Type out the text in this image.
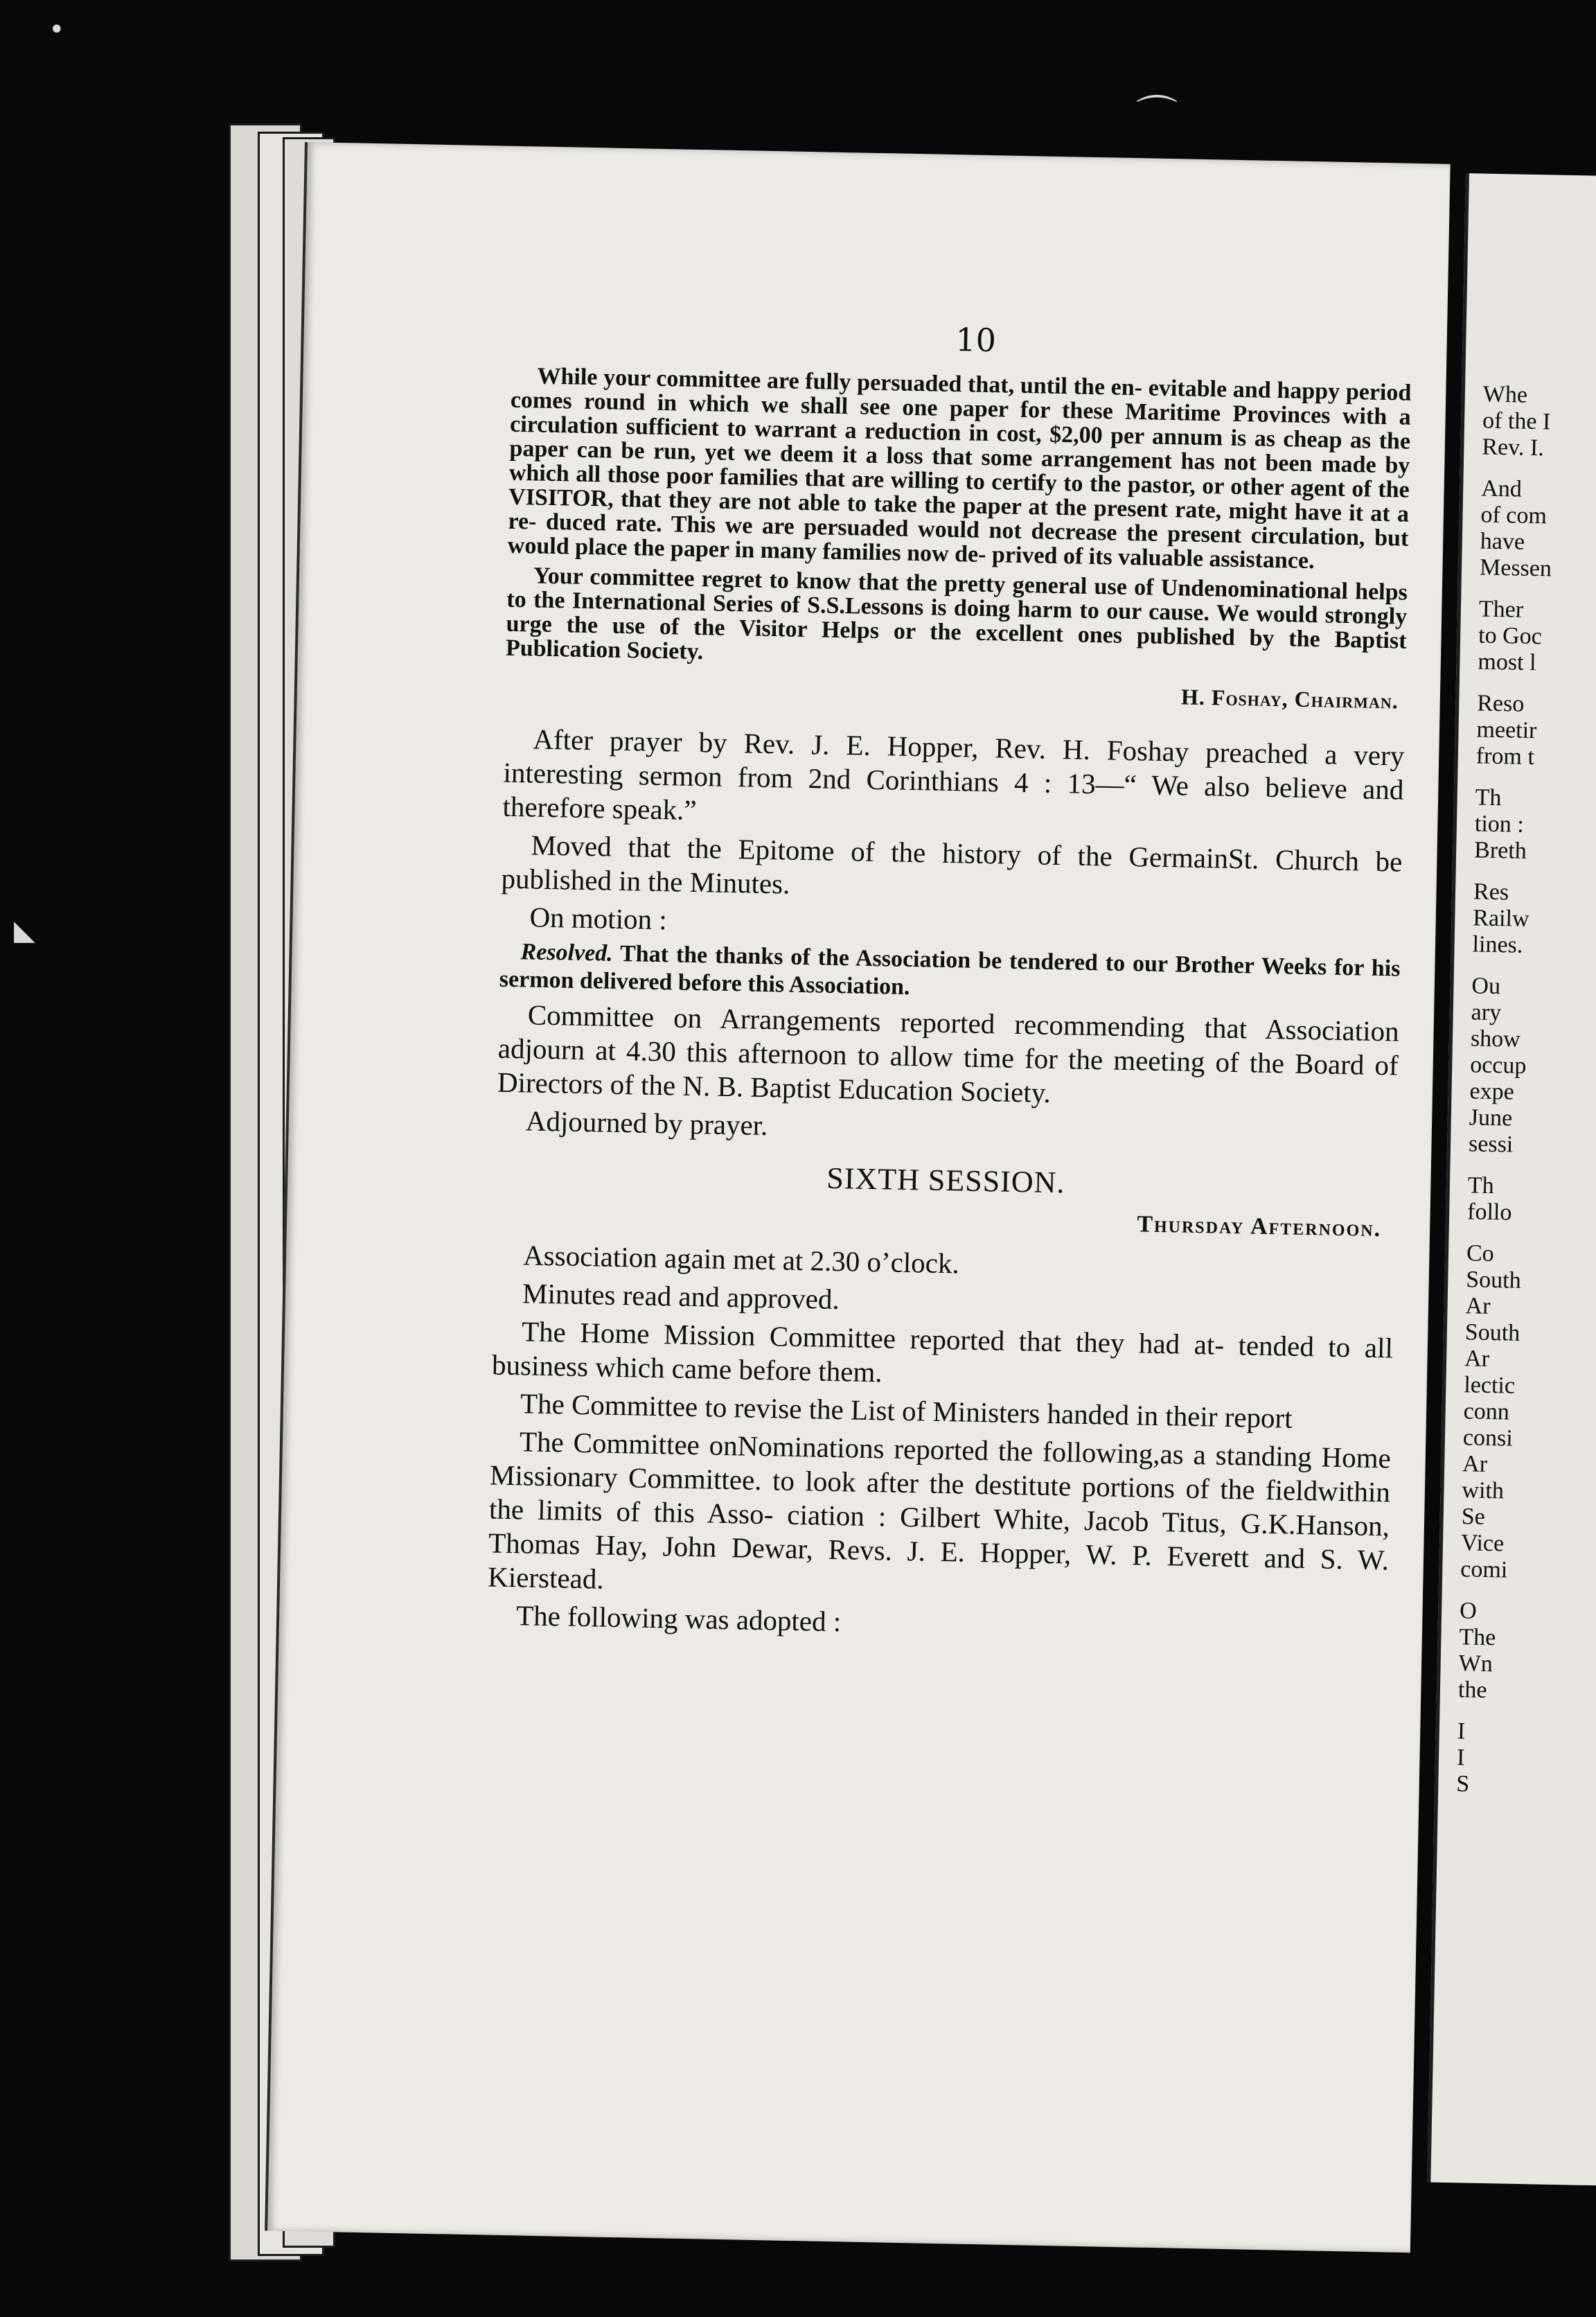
•
⌒
◣
10

While your committee are fully persuaded that, until the en- evitable and happy period comes round in which we shall see one paper for these Maritime Provinces with a circulation sufficient to warrant a reduction in cost, $2,00 per annum is as cheap as the paper can be run, yet we deem it a loss that some arrangement has not been made by which all those poor families that are willing to certify to the pastor, or other agent of the VISITOR, that they are not able to take the paper at the present rate, might have it at a re- duced rate. This we are persuaded would not decrease the present circulation, but would place the paper in many families now de- prived of its valuable assistance.

Your committee regret to know that the pretty general use of Undenominational helps to the International Series of S.S.Lessons is doing harm to our cause. We would strongly urge the use of the Visitor Helps or the excellent ones published by the Baptist Publication Society.

H. Foshay, Chairman.

After prayer by Rev. J. E. Hopper, Rev. H. Foshay preached a very interesting sermon from 2nd Corinthians 4 : 13—“ We also believe and therefore speak.”

Moved that the Epitome of the history of the GermainSt. Church be published in the Minutes.

On motion :

Resolved. That the thanks of the Association be tendered to our Brother Weeks for his sermon delivered before this Association.

Committee on Arrangements reported recommending that Association adjourn at 4.30 this afternoon to allow time for the meeting of the Board of Directors of the N. B. Baptist Education Society.

Adjourned by prayer.

SIXTH SESSION.
Thursday Afternoon.

Association again met at 2.30 o’clock.

Minutes read and approved.

The Home Mission Committee reported that they had at- tended to all business which came before them.

The Committee to revise the List of Ministers handed in their report

The Committee onNominations reported the following,as a standing Home Missionary Committee. to look after the destitute portions of the fieldwithin the limits of this Asso- ciation : Gilbert White, Jacob Titus, G.K.Hanson, Thomas Hay, John Dewar, Revs. J. E. Hopper, W. P. Everett and S. W. Kierstead.

The following was adopted :

Whe
of the I
Rev. I.
And
of com
have
Messen
Ther
to Goc
most l
Reso
meetir
from t
Th
tion :
Breth
Res
Railw
lines.
Ou
ary
show
occup
expe
June
sessi
Th
follo
Co
South
Ar
South
Ar
lectic
conn
consi
Ar
with
Se
Vice
comi
O
The
Wn
the
I
I
S
